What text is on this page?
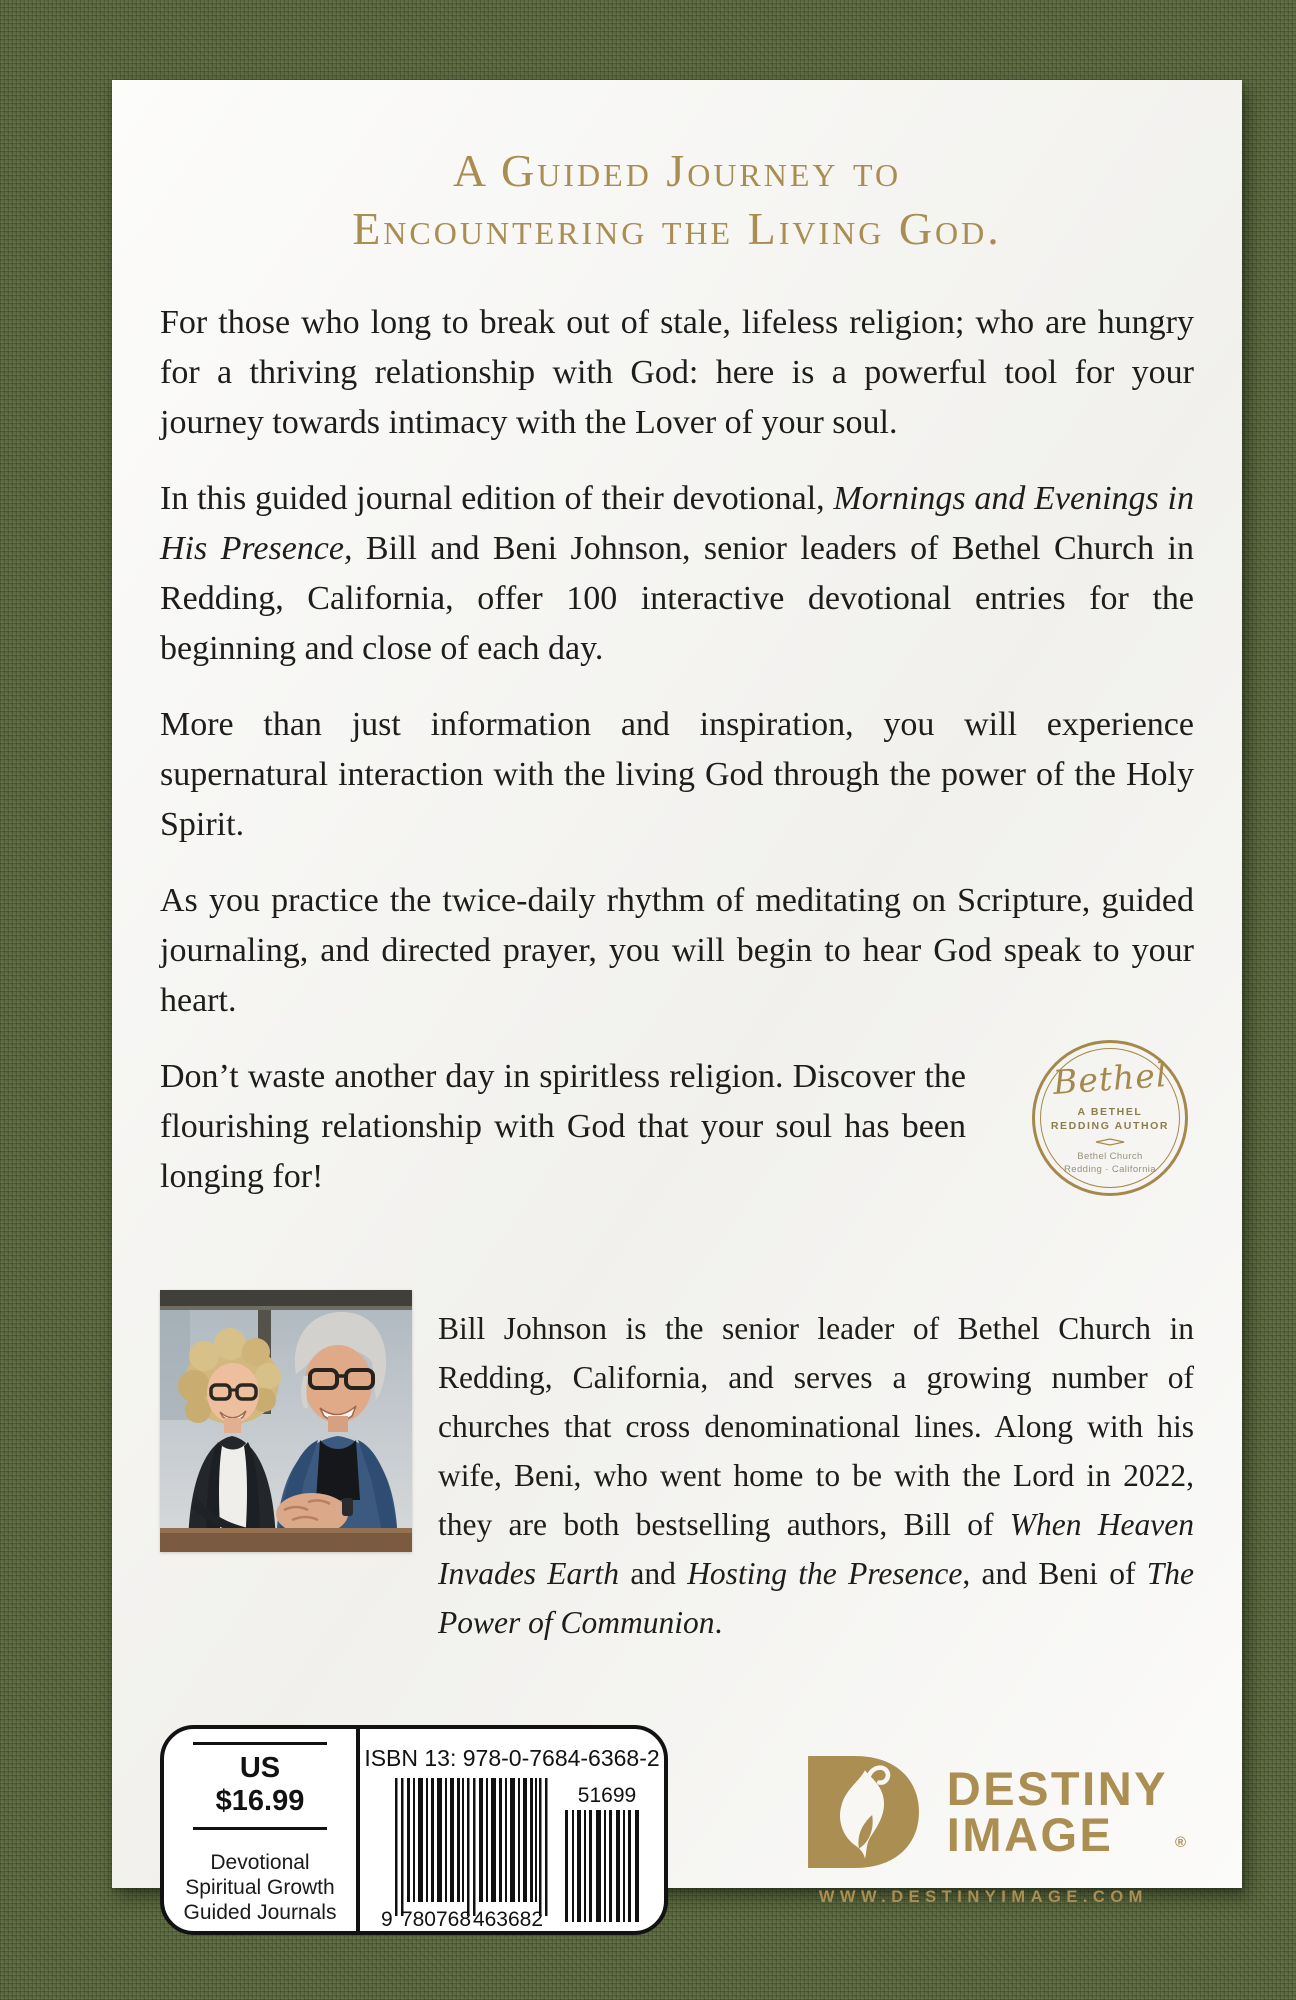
A Guided Journey to
Encountering the Living God.

For those who long to break out of stale, lifeless religion; who are hungry for a thriving relationship with God: here is a powerful tool for your journey towards intimacy with the Lover of your soul.

In this guided journal edition of their devotional, Mornings and Evenings in His Presence, Bill and Beni Johnson, senior leaders of Bethel Church in Redding, California, offer 100 interactive devotional entries for the beginning and close of each day.

More than just information and inspiration, you will experience supernatural interaction with the living God through the power of the Holy Spirit.

As you practice the twice-daily rhythm of meditating on Scripture, guided journaling, and directed prayer, you will begin to hear God speak to your heart.

Don’t waste another day in spiritless religion. Discover the flourishing relationship with God that your soul has been longing for!

Bethel
A BETHEL
REDDING AUTHOR
Bethel Church
Redding · California

Bill Johnson is the senior leader of Bethel Church in Redding, California, and serves a growing number of churches that cross denominational lines. Along with his wife, Beni, who went home to be with the Lord in 2022, they are both bestselling authors, Bill of When Heaven Invades Earth and Hosting the Presence, and Beni of The Power of Communion.

US $16.99
Devotional
Spiritual Growth
Guided Journals
ISBN 13: 978-0-7684-6368-2
9 780768 463682
51699	DESTINY
IMAGE	®
WWW.DESTINYIMAGE.COM
